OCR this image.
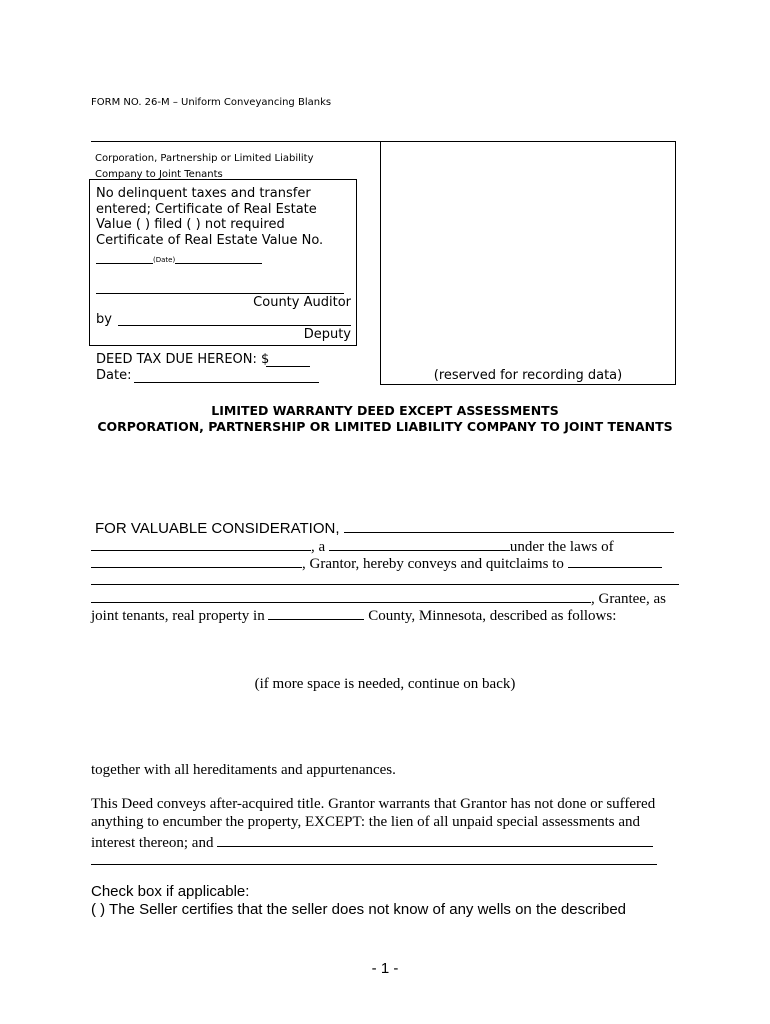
FORM NO. 26-M – Uniform Conveyancing Blanks
Corporation, Partnership or Limited Liability
Company to Joint Tenants
No delinquent taxes and transfer
entered; Certificate of Real Estate
Value ( ) filed ( ) not required
Certificate of Real Estate Value No.
(Date)
County Auditor
by
Deputy
DEED TAX DUE HEREON: $
Date:	(reserved for recording data)
LIMITED WARRANTY DEED EXCEPT ASSESSMENTS
CORPORATION, PARTNERSHIP OR LIMITED LIABILITY COMPANY TO JOINT TENANTS
FOR VALUABLE CONSIDERATION,
, a	under the laws of
, Grantor, hereby conveys and quitclaims to
, Grantee, as
joint tenants, real property in	County, Minnesota, described as follows:
(if more space is needed, continue on back)
together with all hereditaments and appurtenances.
This Deed conveys after-acquired title. Grantor warrants that Grantor has not done or suffered
anything to encumber the property, EXCEPT: the lien of all unpaid special assessments and
interest thereon; and
Check box if applicable:
( ) The Seller certifies that the seller does not know of any wells on the described
- 1 -
